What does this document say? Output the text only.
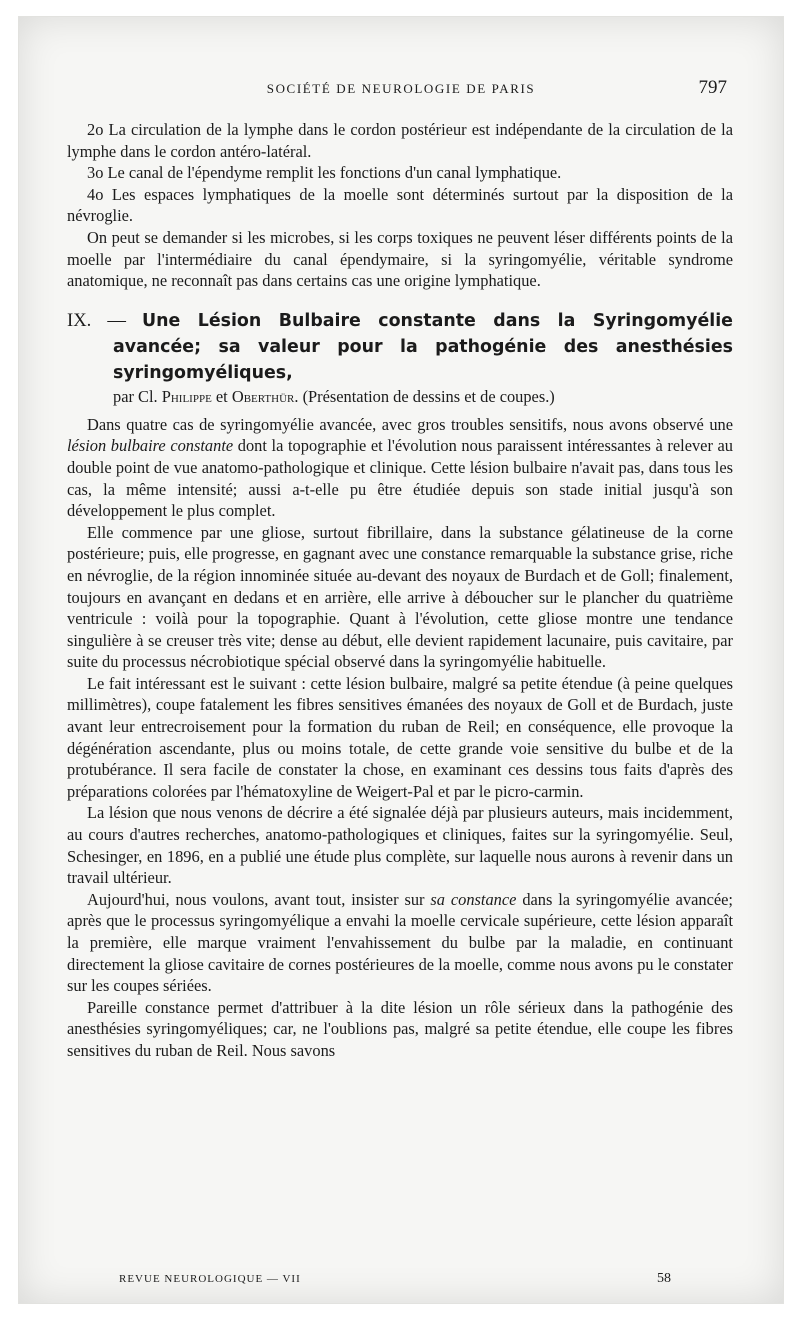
SOCIÉTÉ DE NEUROLOGIE DE PARIS	797

2o La circulation de la lymphe dans le cordon postérieur est indépendante de la circulation de la lymphe dans le cordon antéro-latéral.

3o Le canal de l'épendyme remplit les fonctions d'un canal lymphatique.

4o Les espaces lymphatiques de la moelle sont déterminés surtout par la disposition de la névroglie.

On peut se demander si les microbes, si les corps toxiques ne peuvent léser différents points de la moelle par l'intermédiaire du canal épendymaire, si la syringomyélie, véritable syndrome anatomique, ne reconnaît pas dans certains cas une origine lymphatique.

IX. — Une Lésion Bulbaire constante dans la Syringomyélie avancée; sa valeur pour la pathogénie des anesthésies syringomyéliques,
par Cl. Philippe et Oberthür. (Présentation de dessins et de coupes.)

Dans quatre cas de syringomyélie avancée, avec gros troubles sensitifs, nous avons observé une lésion bulbaire constante dont la topographie et l'évolution nous paraissent intéressantes à relever au double point de vue anatomo-pathologique et clinique. Cette lésion bulbaire n'avait pas, dans tous les cas, la même intensité; aussi a-t-elle pu être étudiée depuis son stade initial jusqu'à son développement le plus complet.

Elle commence par une gliose, surtout fibrillaire, dans la substance gélatineuse de la corne postérieure; puis, elle progresse, en gagnant avec une constance remarquable la substance grise, riche en névroglie, de la région innominée située au-devant des noyaux de Burdach et de Goll; finalement, toujours en avançant en dedans et en arrière, elle arrive à déboucher sur le plancher du quatrième ventricule : voilà pour la topographie. Quant à l'évolution, cette gliose montre une tendance singulière à se creuser très vite; dense au début, elle devient rapidement lacunaire, puis cavitaire, par suite du processus nécrobiotique spécial observé dans la syringomyélie habituelle.

Le fait intéressant est le suivant : cette lésion bulbaire, malgré sa petite étendue (à peine quelques millimètres), coupe fatalement les fibres sensitives émanées des noyaux de Goll et de Burdach, juste avant leur entrecroisement pour la formation du ruban de Reil; en conséquence, elle provoque la dégénération ascendante, plus ou moins totale, de cette grande voie sensitive du bulbe et de la protubérance. Il sera facile de constater la chose, en examinant ces dessins tous faits d'après des préparations colorées par l'hématoxyline de Weigert-Pal et par le picro-carmin.

La lésion que nous venons de décrire a été signalée déjà par plusieurs auteurs, mais incidemment, au cours d'autres recherches, anatomo-pathologiques et cliniques, faites sur la syringomyélie. Seul, Schesinger, en 1896, en a publié une étude plus complète, sur laquelle nous aurons à revenir dans un travail ultérieur.

Aujourd'hui, nous voulons, avant tout, insister sur sa constance dans la syringomyélie avancée; après que le processus syringomyélique a envahi la moelle cervicale supérieure, cette lésion apparaît la première, elle marque vraiment l'envahissement du bulbe par la maladie, en continuant directement la gliose cavitaire de cornes postérieures de la moelle, comme nous avons pu le constater sur les coupes sériées.

Pareille constance permet d'attribuer à la dite lésion un rôle sérieux dans la pathogénie des anesthésies syringomyéliques; car, ne l'oublions pas, malgré sa petite étendue, elle coupe les fibres sensitives du ruban de Reil. Nous savons

REVUE NEUROLOGIQUE — VII	58
